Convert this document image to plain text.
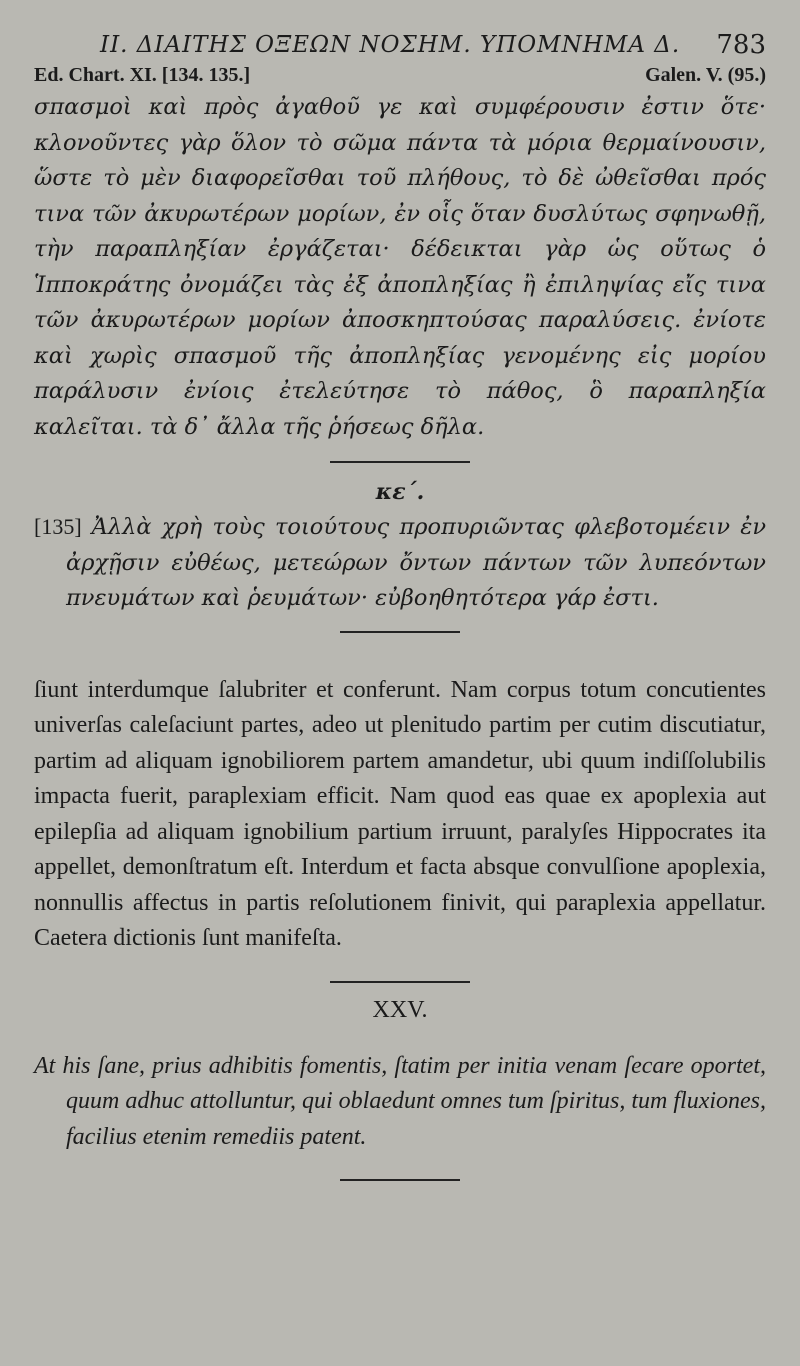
ΙΙ. ΔΙΑΙΤΗΣ ΟΞΕΩΝ ΝΟΣΗΜ. ΥΠΟΜΝΗΜΑ Δ. 783
Ed. Chart. XI. [134. 135.]	Galen. V. (95.)

σπασμοὶ καὶ πρὸς ἀγαθοῦ γε καὶ συμφέρουσιν ἐστιν ὅτε· κλονοῦντες γὰρ ὅλον τὸ σῶμα πάντα τὰ μόρια θερμαίνουσιν, ὥστε τὸ μὲν διαφορεῖσθαι τοῦ πλήθους, τὸ δὲ ὠθεῖσθαι πρός τινα τῶν ἀκυρωτέρων μορίων, ἐν οἷς ὅταν δυσλύτως σφηνωθῇ, τὴν παραπληξίαν ἐργάζεται· δέδεικται γὰρ ὡς οὕτως ὁ Ἱπποκράτης ὀνομάζει τὰς ἐξ ἀποπληξίας ἢ ἐπιληψίας εἴς τινα τῶν ἀκυρωτέρων μορίων ἀποσκηπτούσας παραλύσεις. ἐνίοτε καὶ χωρὶς σπασμοῦ τῆς ἀποπληξίας γενομένης εἰς μορίου παράλυσιν ἐνίοις ἐτελεύτησε τὸ πάθος, ὃ παραπληξία καλεῖται. τὰ δ᾽ ἄλλα τῆς ῥήσεως δῆλα.

κε΄.

[135] Ἀλλὰ χρὴ τοὺς τοιούτους προπυριῶντας φλεβοτομέειν ἐν ἀρχῇσιν εὐθέως, μετεώρων ὄντων πάντων τῶν λυπεόντων πνευμάτων καὶ ῥευμάτων· εὐβοηθητότερα γάρ ἐστι.

ſiunt interdumque ſalubriter et conferunt. Nam corpus totum concutientes univerſas caleſaciunt partes, adeo ut plenitudo partim per cutim discutiatur, partim ad aliquam ignobiliorem partem amandetur, ubi quum indiſſolubilis impacta fuerit, paraplexiam efficit. Nam quod eas quae ex apoplexia aut epilepſia ad aliquam ignobilium partium irruunt, paralyſes Hippocrates ita appellet, demonſtratum eſt. Interdum et facta absque convulſione apoplexia, nonnullis affectus in partis reſolutionem finivit, qui paraplexia appellatur. Caetera dictionis ſunt manifeſta.

XXV.

At his ſane, prius adhibitis fomentis, ſtatim per initia venam ſecare oportet, quum adhuc attolluntur, qui oblaedunt omnes tum ſpiritus, tum fluxiones, facilius etenim remediis patent.
